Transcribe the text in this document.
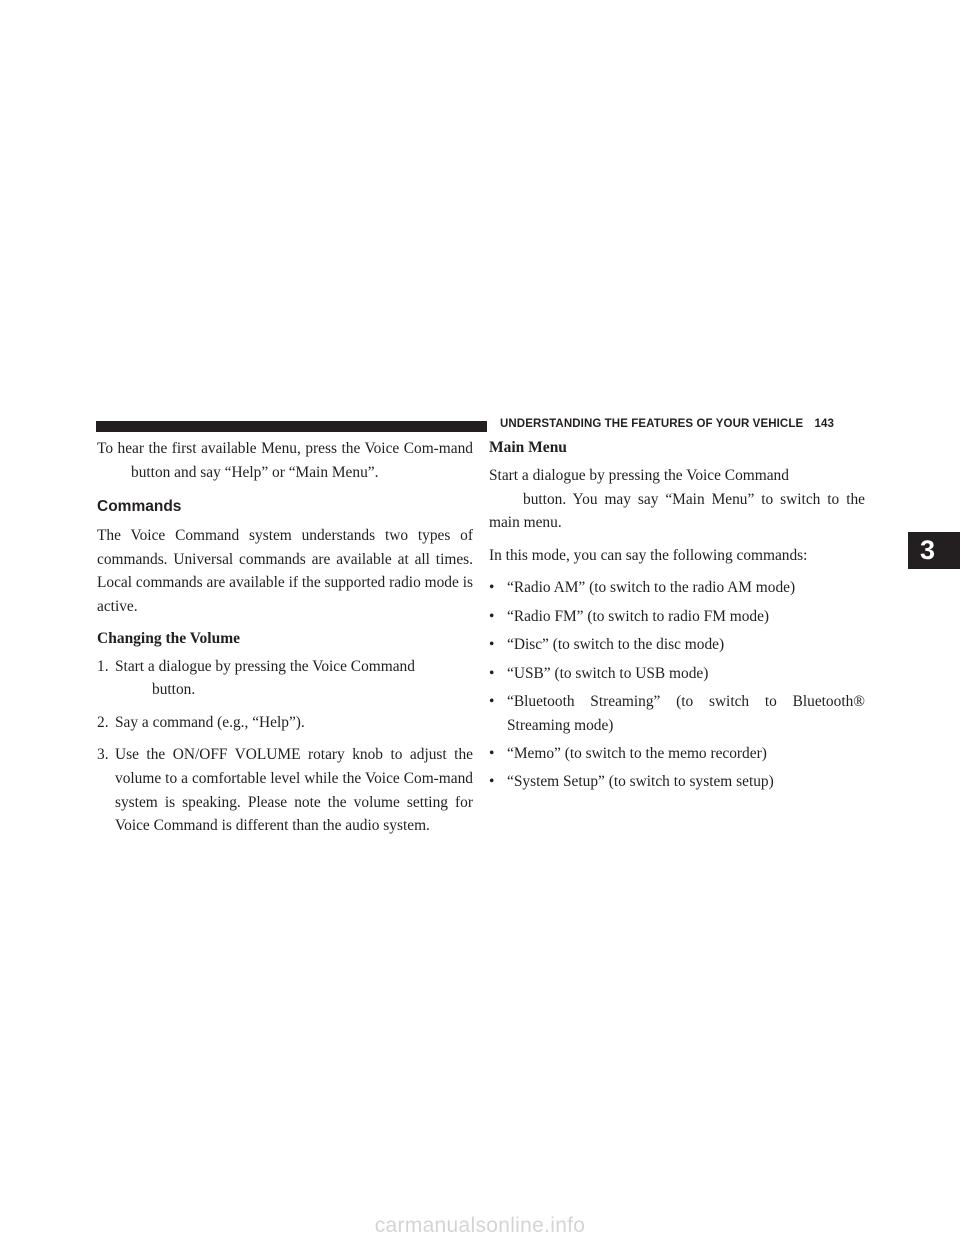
UNDERSTANDING THE FEATURES OF YOUR VEHICLE 143

To hear the first available Menu, press the Voice Com-mandbutton and say “Help” or “Main Menu”.

Commands

The Voice Command system understands two types of commands. Universal commands are available at all times. Local commands are available if the supported radio mode is active.

Changing the Volume
1. Start a dialogue by pressing the Voice Command
button.
2. Say a command (e.g., “Help”).
3. Use the ON/OFF VOLUME rotary knob to adjust the volume to a comfortable level while the Voice Com-mand system is speaking. Please note the volume setting for Voice Command is different than the audio system.
Main Menu

Start a dialogue by pressing the Voice Command
button. You may say “Main Menu” to switch to the main menu.

In this mode, you can say the following commands:

• “Radio AM” (to switch to the radio AM mode)
• “Radio FM” (to switch to radio FM mode)
• “Disc” (to switch to the disc mode)
• “USB” (to switch to USB mode)
• “Bluetooth Streaming” (to switch to Bluetooth® Streaming mode)
• “Memo” (to switch to the memo recorder)
• “System Setup” (to switch to system setup)
3
carmanualsonline.info
